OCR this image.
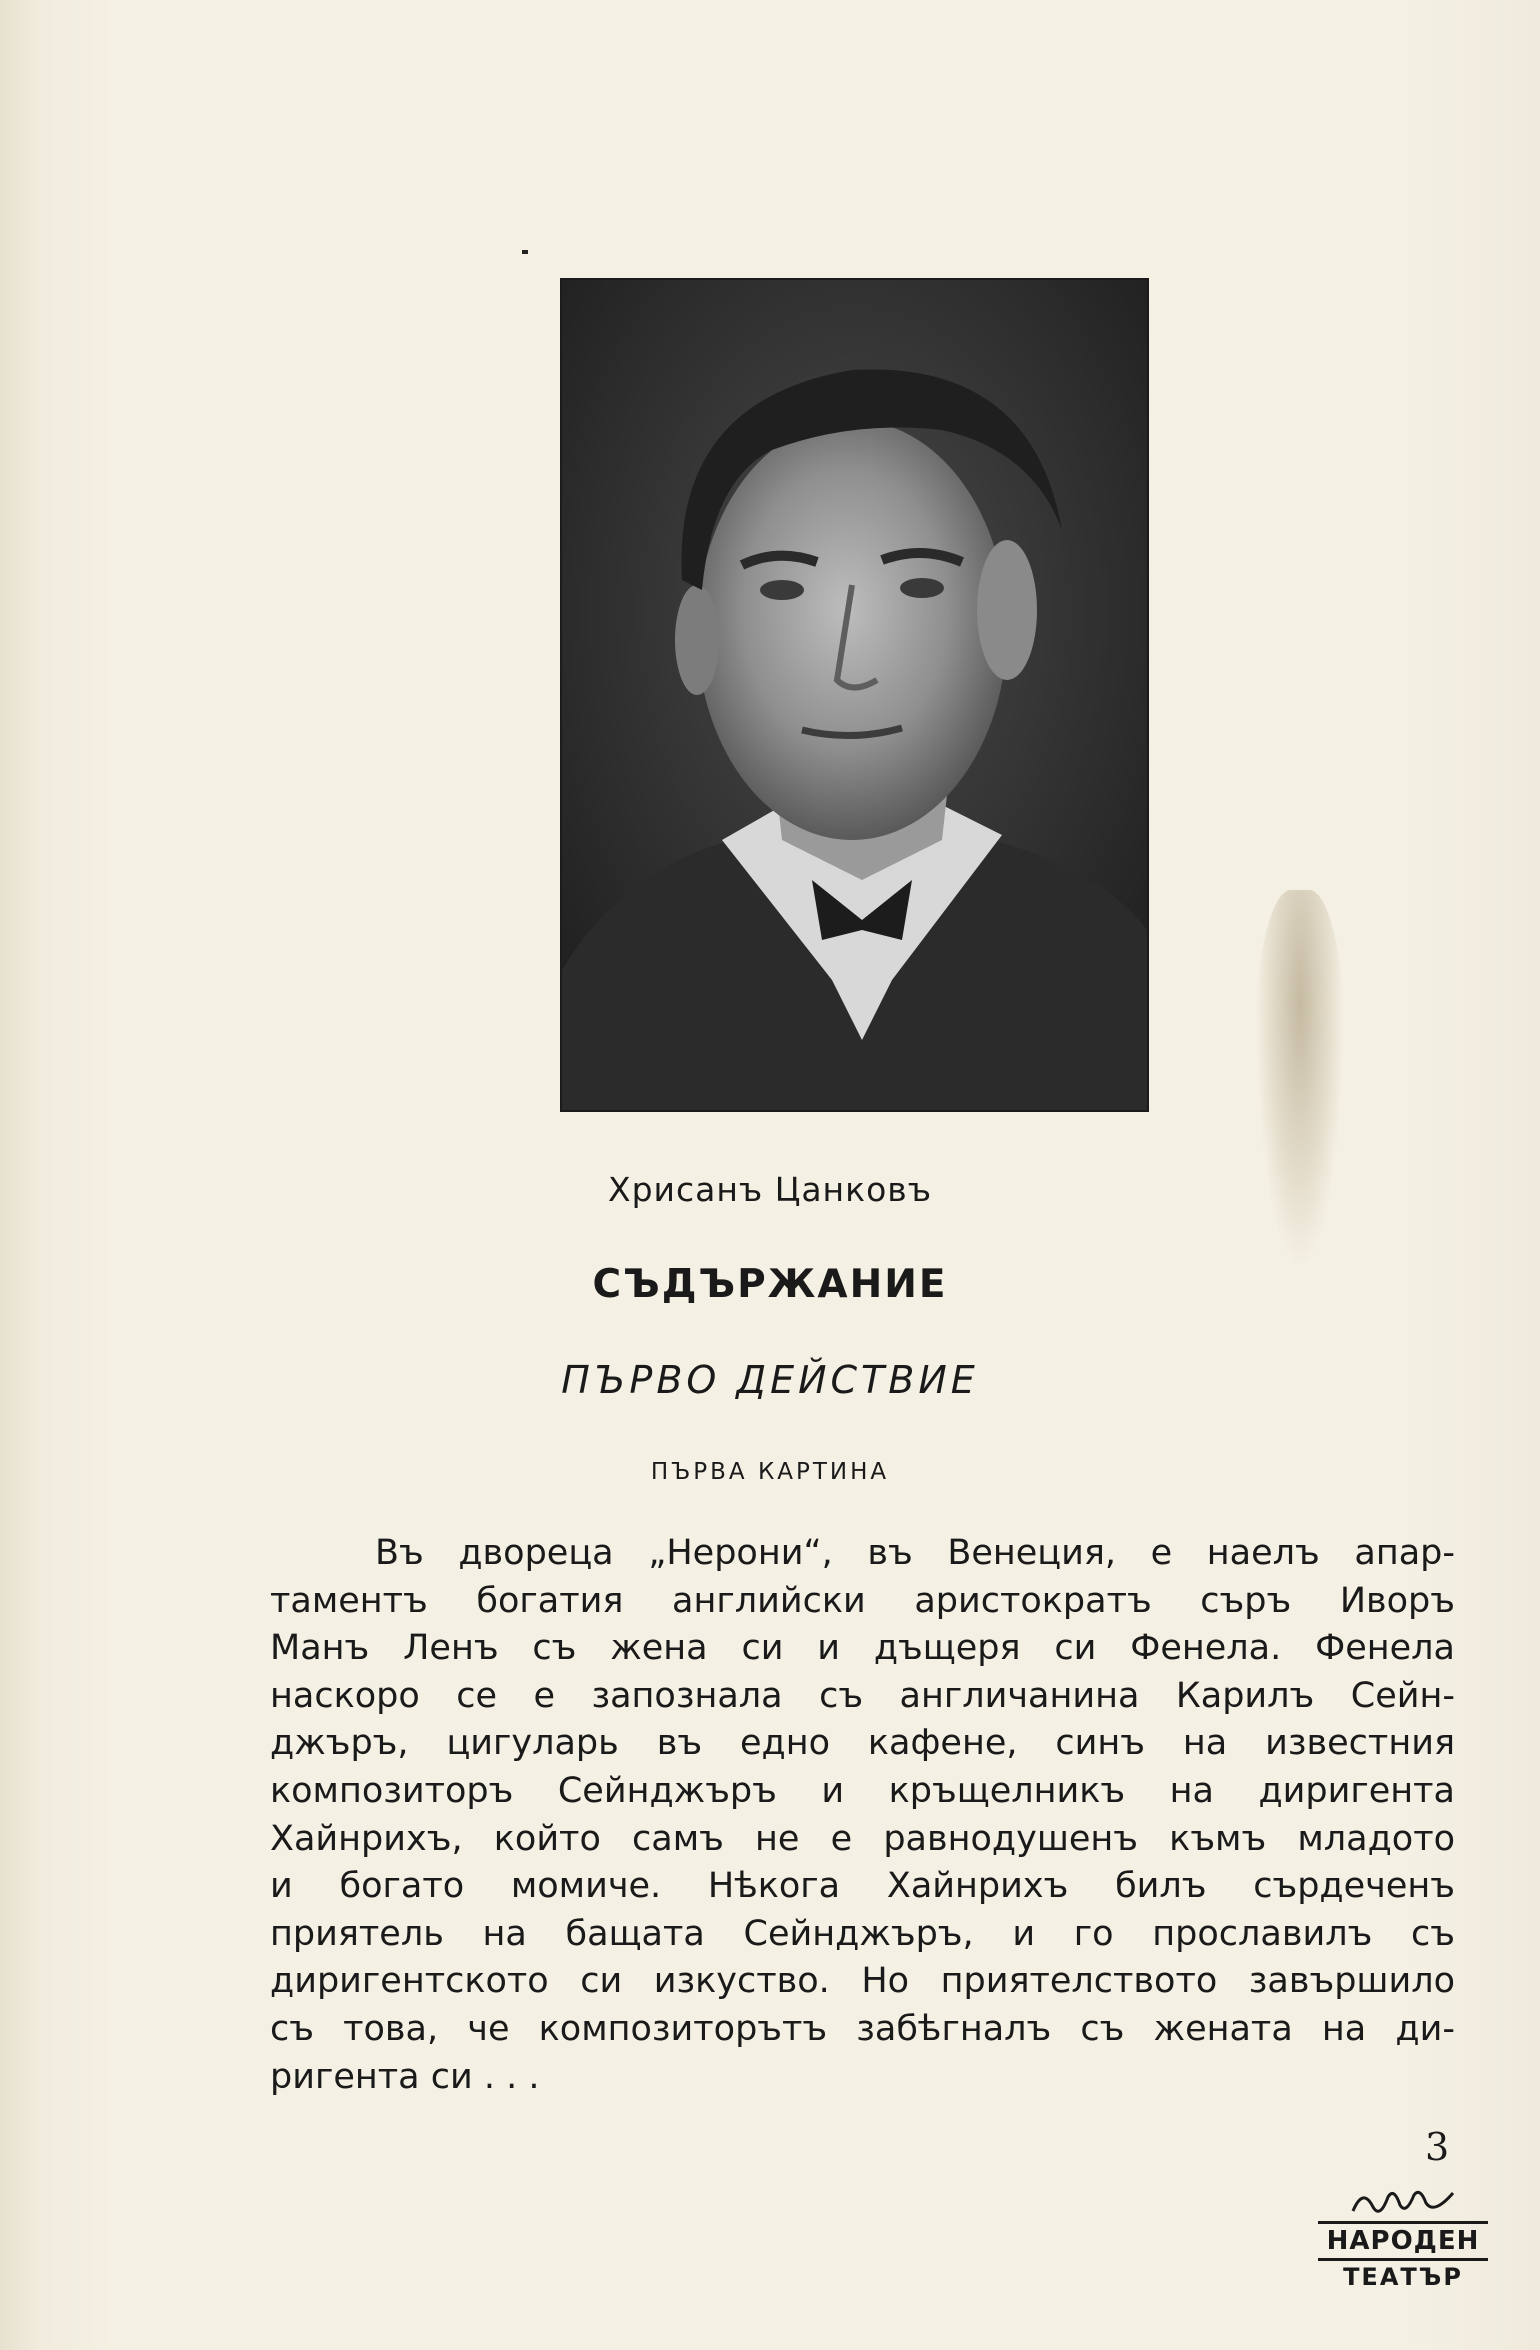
Хрисанъ Цанковъ
СЪДЪРЖАНИЕ
ПЪРВО ДЕЙСТВИЕ
ПЪРВА КАРТИНА
Въ двореца „Нерони“, въ Венеция, е наелъ апар-
таментъ богатия английски аристократъ съръ Иворъ
Манъ Ленъ съ жена си и дъщеря си Фенела. Фенела
наскоро се е запознала съ англичанина Карилъ Сейн-
джъръ, цигуларь въ едно кафене, синъ на известния
композиторъ Сейнджъръ и кръщелникъ на диригента
Хайнрихъ, който самъ не е равнодушенъ къмъ младото
и богато момиче. Нѣкога Хайнрихъ билъ сърдеченъ
приятель на бащата Сейнджъръ, и го прославилъ съ
диригентското си изкуство. Но приятелството завършило
съ това, че композиторътъ забѣгналъ съ жената на ди-
ригента си . . .
3
НАРОДЕН
ТЕАТЪР
